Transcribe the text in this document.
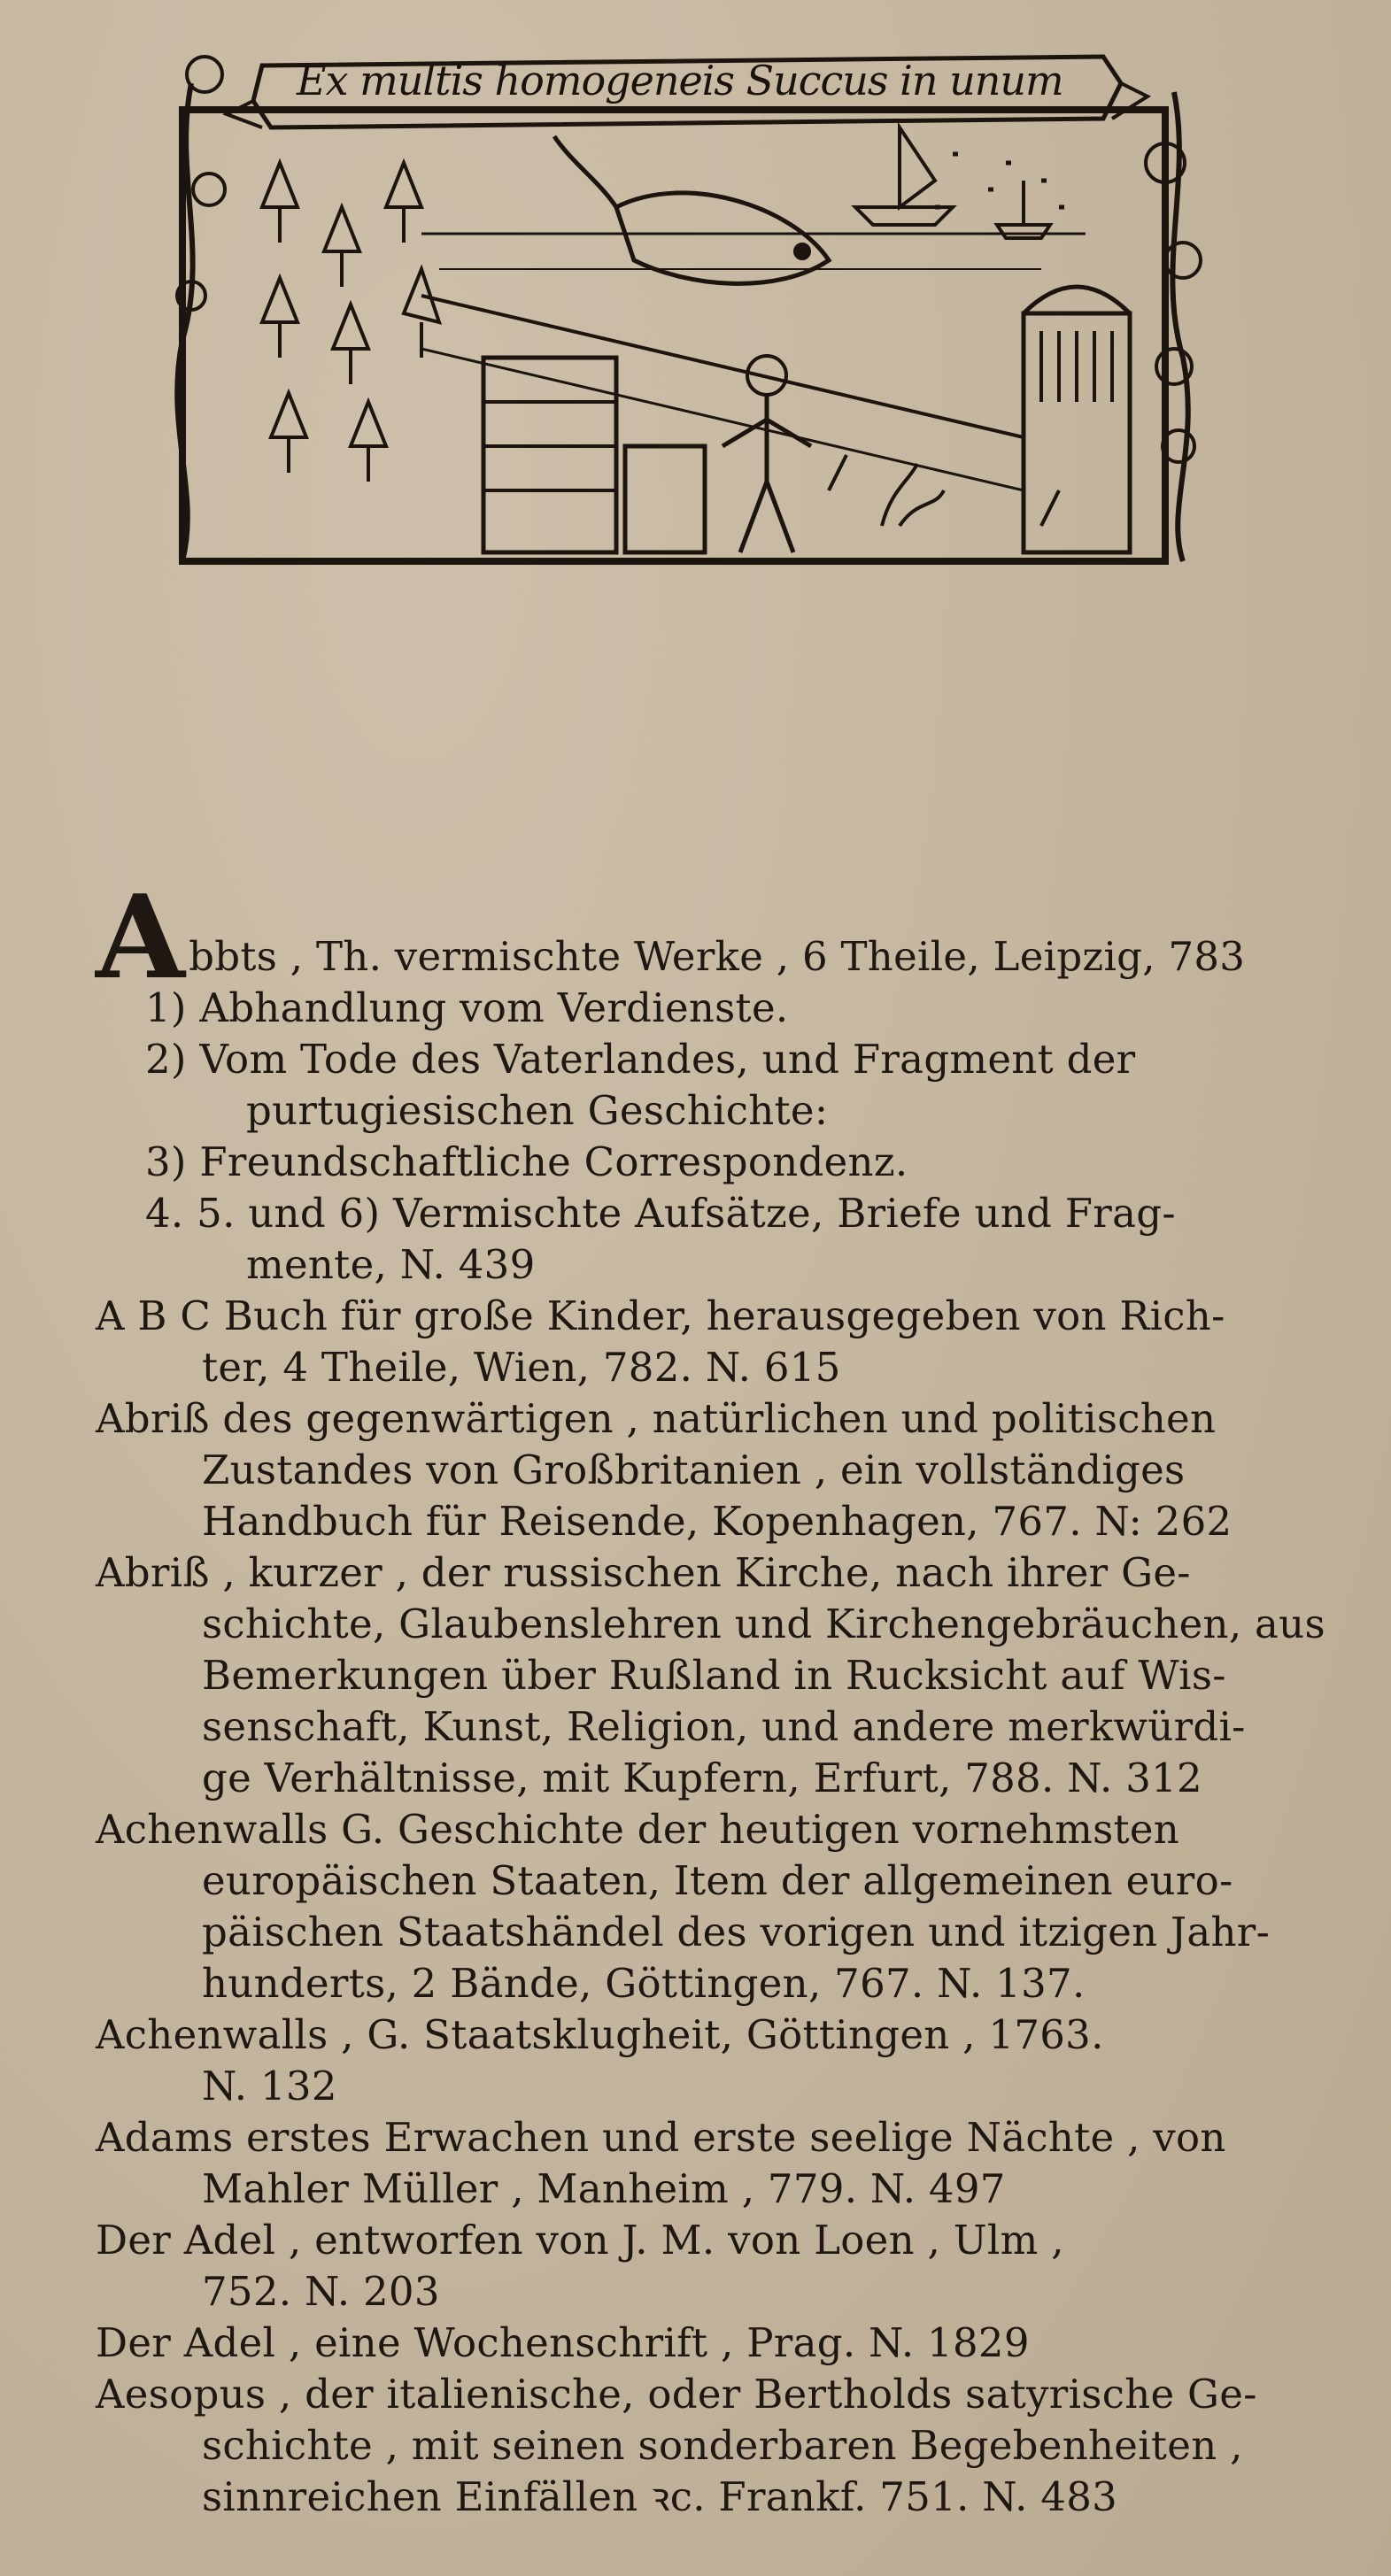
Ex multis homogeneis Succus in unum
Abbts , Th. vermischte Werke , 6 Theile, Leipzig, 783
1) Abhandlung vom Verdienste.
2) Vom Tode des Vaterlandes, und Fragment der
purtugiesischen Geschichte:
3) Freundschaftliche Correspondenz.
4. 5. und 6) Vermischte Aufsätze, Briefe und Frag-
mente, N. 439
A B C Buch für große Kinder, herausgegeben von Rich-
ter, 4 Theile, Wien, 782. N. 615
Abriß des gegenwärtigen , natürlichen und politischen
Zustandes von Großbritanien , ein vollständiges
Handbuch für Reisende, Kopenhagen, 767. N: 262
Abriß , kurzer , der russischen Kirche, nach ihrer Ge-
schichte, Glaubenslehren und Kirchengebräuchen, aus
Bemerkungen über Rußland in Rucksicht auf Wis-
senschaft, Kunst, Religion, und andere merkwürdi-
ge Verhältnisse, mit Kupfern, Erfurt, 788. N. 312
Achenwalls G. Geschichte der heutigen vornehmsten
europäischen Staaten, Item der allgemeinen euro-
päischen Staatshändel des vorigen und itzigen Jahr-
hunderts, 2 Bände, Göttingen, 767. N. 137.
Achenwalls , G. Staatsklugheit, Göttingen , 1763.
N. 132
Adams erstes Erwachen und erste seelige Nächte , von
Mahler Müller , Manheim , 779. N. 497
Der Adel , entworfen von J. M. von Loen , Ulm ,
752. N. 203
Der Adel , eine Wochenschrift , Prag. N. 1829
Aesopus , der italienische, oder Bertholds satyrische Ge-
schichte , mit seinen sonderbaren Begebenheiten ,
sinnreichen Einfällen ꝛc. Frankf. 751. N. 483
